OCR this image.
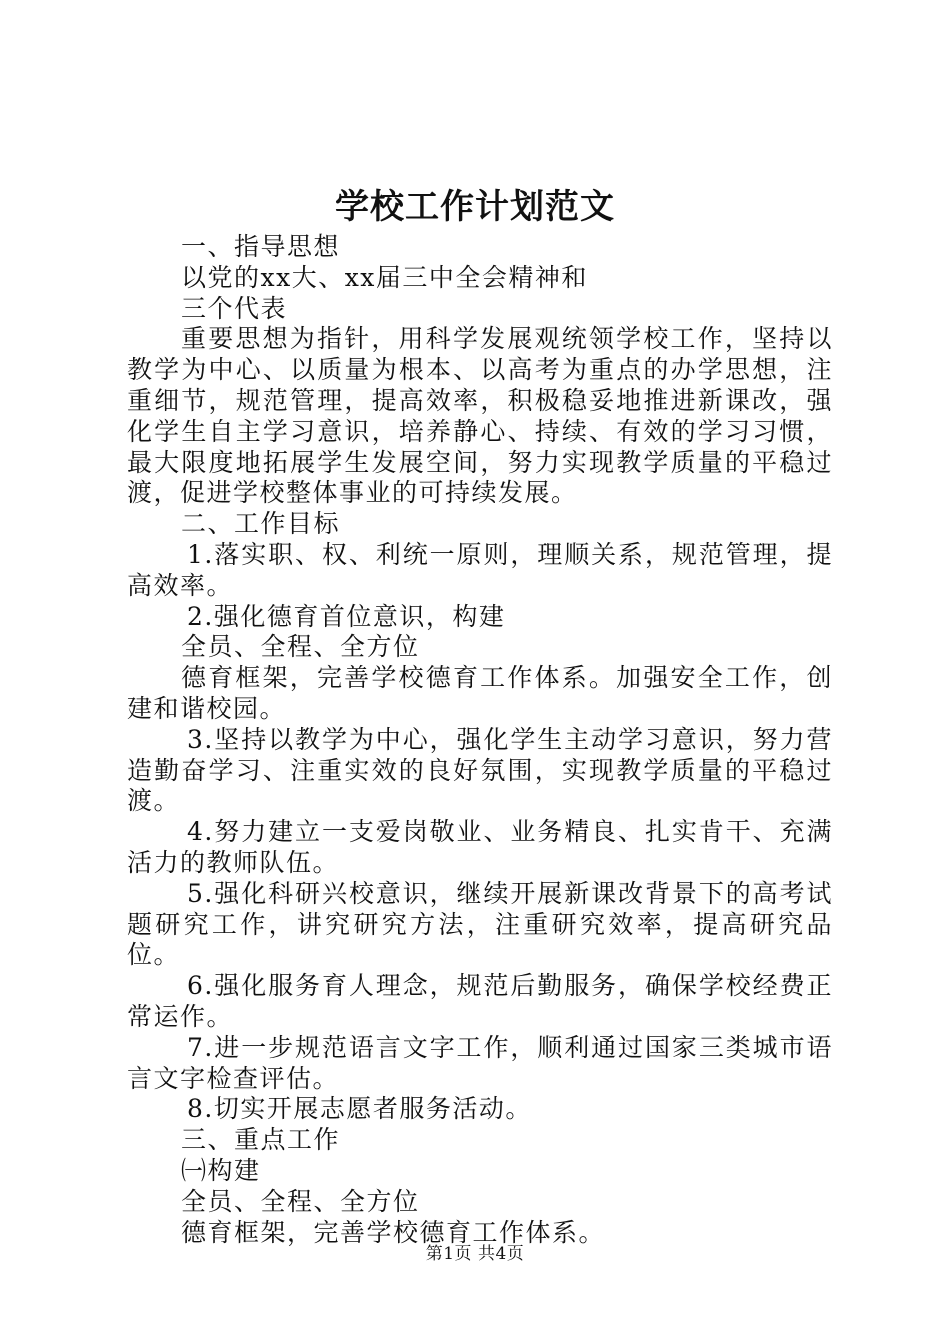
学校工作计划范文

一、指导思想

以党的xx大、xx届三中全会精神和

三个代表

重要思想为指针，用科学发展观统领学校工作，坚持以教学为中心、以质量为根本、以高考为重点的办学思想，注重细节，规范管理，提高效率，积极稳妥地推进新课改，强化学生自主学习意识，培养静心、持续、有效的学习习惯，最大限度地拓展学生发展空间，努力实现教学质量的平稳过渡，促进学校整体事业的可持续发展。

二、工作目标

1.落实职、权、利统一原则，理顺关系，规范管理，提高效率。

2.强化德育首位意识，构建

全员、全程、全方位

德育框架，完善学校德育工作体系。加强安全工作，创建和谐校园。

3.坚持以教学为中心，强化学生主动学习意识，努力营造勤奋学习、注重实效的良好氛围，实现教学质量的平稳过渡。

4.努力建立一支爱岗敬业、业务精良、扎实肯干、充满活力的教师队伍。

5.强化科研兴校意识，继续开展新课改背景下的高考试题研究工作，讲究研究方法，注重研究效率，提高研究品位。

6.强化服务育人理念，规范后勤服务，确保学校经费正常运作。

7.进一步规范语言文字工作，顺利通过国家三类城市语言文字检查评估。

8.切实开展志愿者服务活动。

三、重点工作

㈠构建

全员、全程、全方位

德育框架，完善学校德育工作体系。

第1页 共4页
